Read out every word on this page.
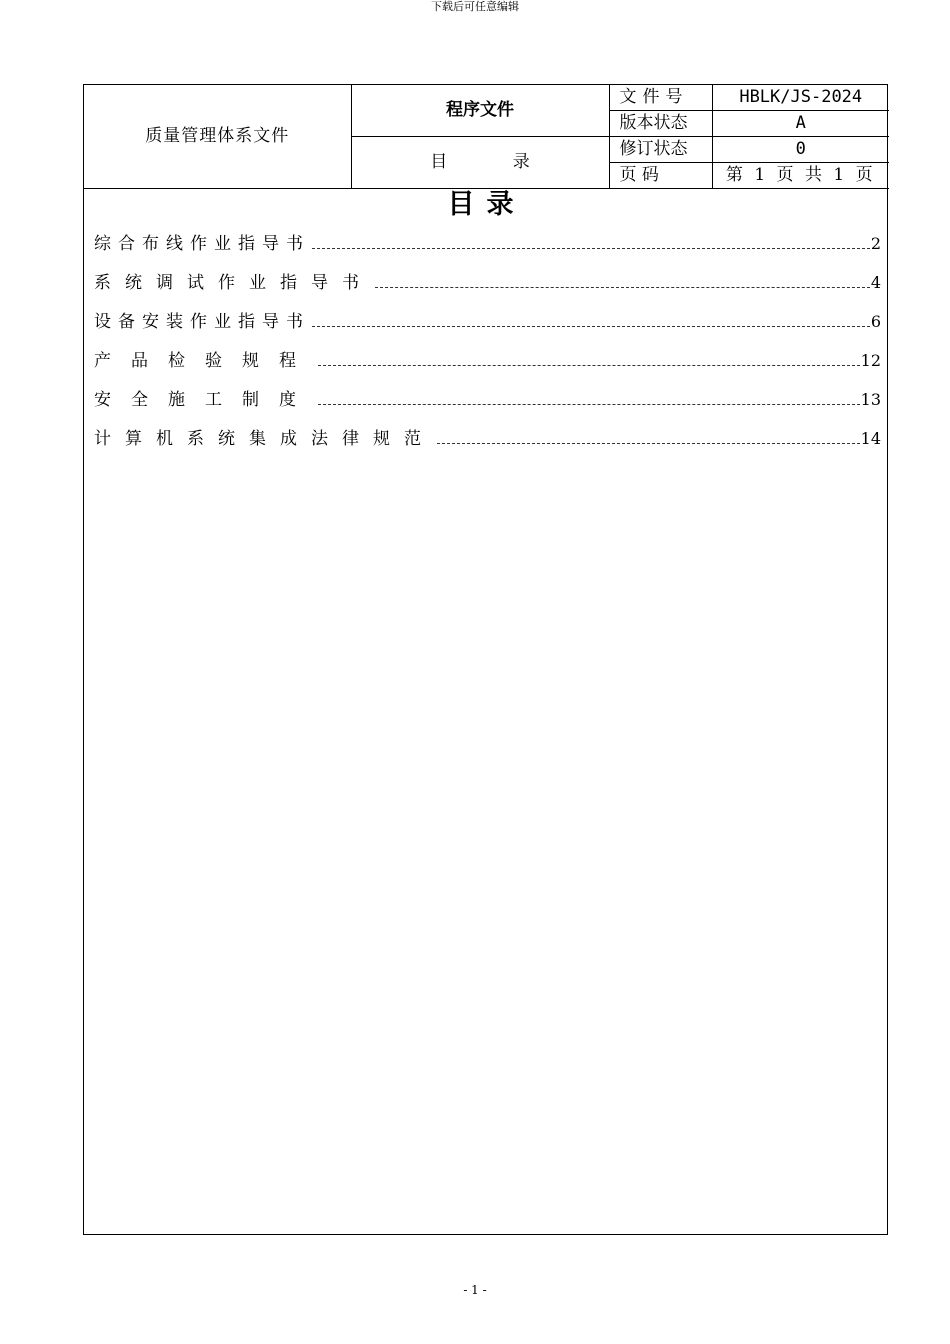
下载后可任意编辑
质量管理体系文件	程序文件	文件号	HBLK/JS-2024
		版本状态	A
	目 录	修订状态	0
		页 码	第 1 页 共 1 页
目录
综合布线作业指导书	2
系统调试作业指导书	4
设备安装作业指导书	6
产品检验规程	12
安全施工制度	13
计算机系统集成法律规范	14
- 1 -
